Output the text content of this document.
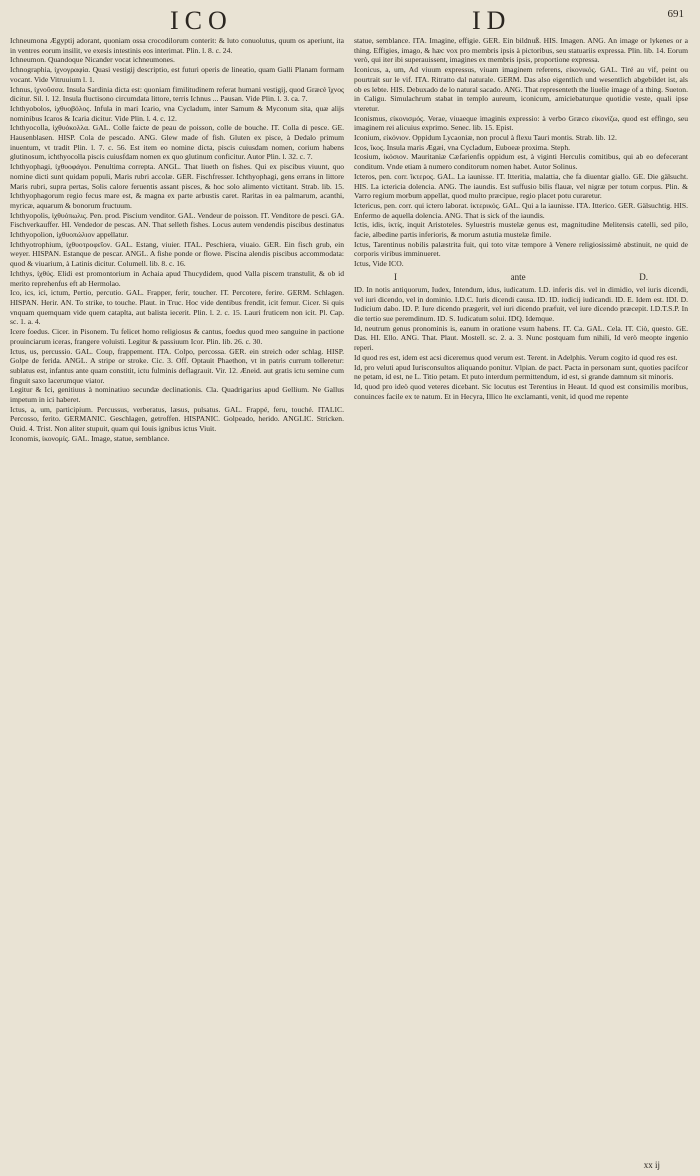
ICO	ID	691

Ichneumona Ægyptij adorant, quoniam ossa crocodilorum conterit: & luto conuolutus, quum os aperiunt, ita in ventres eorum insilit, ve exesis intestinis eos interimat. Plin. l. 8. c. 24.

Ichneumon. Quandoque Nicander vocat ichneumones.

Ichnographia, ἰχνογραφία. Quasi vestigij descriptio, est futuri operis de lineatio, quam Galli Planam formam vocant. Vide Vitruuium l. 1.

Ichnus, ἰχνοῦσσα. Insula Sardinia dicta est: quoniam fimilitudinem referat humani vestigij, quod Græcè ἴχνος dicitur. Sil. l. 12. Insula fluctisono circumdata littore, terris Ichnus ... Pausan. Vide Plin. l. 3. ca. 7.

Ichthyobolos, ἰχθυοβόλος. Infula in mari Icario, vna Cycladum, inter Samum & Myconum sita, quæ alijs nominibus Icaros & Icaria dicitur. Vide Plin. l. 4. c. 12.

Ichthyocolla, ἰχθυόκολλα. GAL. Colle faicte de peau de poisson, colle de bouche. IT. Colla di pesce. GE. Hausenblasen. HISP. Cola de pescado. ANG. Glew made of fish. Gluten ex pisce, à Dedalo primum inuentum, vt tradit Plin. l. 7. c. 56. Est item eo nomine dicta, piscis cuiusdam nomen, corium habens glutinosum, ichthyocolla piscis cuiusfdam nomen ex quo glutinum conficitur. Autor Plin. l. 32. c. 7.

Ichthyophagi, ἰχθυοφάγοι. Penultima correpta. ANGL. That liueth on fishes. Qui ex piscibus viuunt, quo nomine dicti sunt quidam populi, Maris rubri accolæ. GER. Fischfresser. Ichthyophagi, gens errans in littore Maris rubri, supra pertas, Solis calore feruentis assant pisces, & hoc solo alimento victitant. Strab. lib. 15. Ichthyophagorum regio fecus mare est, & magna ex parte arbustis caret. Raritas in ea palmarum, acanthi, myricæ, aquarum & bonorum fructuum.

Ichthyopolis, ἰχθυόπωλις. Pen. prod. Piscium venditor. GAL. Vendeur de poisson. IT. Venditore de pesci. GA. Fischverkauffer. HI. Vendedor de pescas. AN. That selleth fishes. Locus autem vendendis piscibus destinatus Ichthyopolion, ἰχθυοπώλιον appellatur.

Ichthyotrophium, ἰχθυοτροφεῖον. GAL. Estang, viuier. ITAL. Peschiera, viuaio. GER. Ein fisch grub, ein weyer. HISPAN. Estanque de pescar. ANGL. A fishe ponde or flowe. Piscina alendis piscibus accommodata: quod & viuarium, à Latinis dicitur. Columell. lib. 8. c. 16.

Ichthys, ἰχθύς. Elidi est promontorium in Achaia apud Thucydidem, quod Valla piscem transtulit, & ob id merito reprehenfus eft ab Hermolao.

Ico, ics, ici, ictum, Pertio, percutio. GAL. Frapper, ferir, toucher. IT. Percotere, ferire. GERM. Schlagen. HISPAN. Herir. AN. To strike, to touche. Plaut. in Truc. Hoc vide dentibus frendit, icit femur. Cicer. Si quis vnquam quemquam vide quem cataplta, aut balista iecerit. Plin. l. 2. c. 15. Lauri fruticem non icit. Pl. Cap. sc. 1. a. 4.

Icere foedus. Cicer. in Pisonem. Tu felicet homo religiosus & cantus, foedus quod meo sanguine in pactione prouinciarum iceras, frangere voluisti. Legitur & passiuum Icor. Plin. lib. 26. c. 30.

Ictus, us, percussio. GAL. Coup, frappement. ITA. Colpo, percossa. GER. ein streich oder schlag. HISP. Golpe de ferida. ANGL. A stripe or stroke. Cic. 3. Off. Optauit Phaethon, vt in patris currum tolleretur: sublatus est, infantus ante quam constitit, ictu fulminis deflagrauit. Vir. 12. Æneid. aut gratis ictu semine cum finguit saxo lacerumque viator.

Legitur & Ici, genitiuus à nominatiuo secundæ declinationis. Cla. Quadrigarius apud Gellium. Ne Gallus impetum in ici haberet.

Ictus, a, um, participium. Percussus, verberatus, læsus, pulsatus. GAL. Frappé, feru, touché. ITALIC. Percosso, ferito. GERMANIC. Geschlagen, getroffen. HISPANIC. Golpeado, herido. ANGLIC. Stricken. Ouid. 4. Trist. Non aliter stupuit, quam qui Iouis ignibus ictus Viuit.

Iconomis, ἰκονομίς. GAL. Image, statue, semblance.

statue, semblance. ITA. Imagine, effigie. GER. Ein bildnuß. HIS. Imagen. ANG. An image or lykenes or a thing. Effigies, imago, & hæc vox pro membris ipsis à pictoribus, seu statuariis expressa. Plin. lib. 14. Eorum verò, qui iter ibi superauissent, imagines ex membris ipsis, proportione expressa.

Iconicus, a, um, Ad viuum expressus, viuam imaginem referens, εἰκονικός. GAL. Tiré au vif, peint ou pourtrait sur le vif. ITA. Ritratto dal naturale. GERM. Das also eigentlich und wesentlich abgebildet ist, als ob es lebte. HIS. Debuxado de lo natural sacado. ANG. That representeth the liuelie image of a thing. Sueton. in Caligu. Simulachrum stabat in templo aureum, iconicum, amiciebaturque quotidie veste, quali ipse vteretur.

Iconismus, εἰκονισμός. Verae, viuaeque imaginis expressio: à verbo Græco εἰκονίζω, quod est effingo, seu imaginem rei alicuius exprimo. Senec. lib. 15. Epist.

Iconium, εἰκόνιον. Oppidum Lycaoniæ, non procul à flexu Tauri montis. Strab. lib. 12.

Icos, ἴκος. Insula maris Ægæi, vna Cycladum, Euboeæ proxima. Steph.

Icosium, ἰκόσιον. Mauritaniæ Cæfarienfis oppidum est, à viginti Herculis comitibus, qui ab eo defecerant conditum. Vnde etiam à numero conditorum nomen habet. Autor Solinus.

Icteros, pen. corr. ἴκτερος. GAL. La iaunisse. IT. Itteritia, malattia, che fa diuentar giallo. GE. Die gälsucht. HIS. La ictericia dolencia. ANG. The iaundis. Est suffusio bilis flauæ, vel nigræ per totum corpus. Plin. & Varro regium morbum appellat, quod multo præcipue, regio placet potu curaretur.

Ictericus, pen. corr. qui ictero laborat. ἰκτερικός. GAL. Qui a la iaunisse. ITA. Itterico. GER. Gälsuchtig. HIS. Enfermo de aquella dolencia. ANG. That is sick of the iaundis.

Ictis, idis, ἰκτίς, inquit Aristoteles. Syluestris mustelæ genus est, magnitudine Melitensis catelli, sed pilo, facie, albedine partis inferioris, & morum astutia mustelæ fimile.

Ictus, Tarentinus nobilis palæstrita fuit, qui toto vitæ tempore à Venere religiosissimè abstinuit, ne quid de corporis viribus imminueret.

Ictus, Vide ICO.

I	ante	D.

ID. In notis antiquorum, Iudex, Intendum, idus, iudicatum. I.D. inferis dis. vel in dimidio, vel iuris dicendi, vel iuri dicendo, vel in dominio. I.D.C. Iuris dicendi causa. ID. ID. iudicij iudicandi. ID. E. Idem est. IDI. D. Iudicium dabo. ID. P. Iure dicendo prægerit, vel iuri dicendo præfuit, vel iure dicendo præcepit. I.D.T.S.P. In die tertio sue peremdinum. ID. S. Iudicatum solui. IDQ. Idemque.

Id, neutrum genus pronominis is, eanum in oratione vsum habens. IT. Ca. GAL. Cela. IT. Ciò, questo. GE. Das. HI. Ello. ANG. That. Plaut. Mostell. sc. 2. a. 3. Nunc postquam fum nihili, Id verò meopte ingenio reperi.

Id quod res est, idem est acsi diceremus quod verum est. Terent. in Adelphis. Verum cogito id quod res est.

Id, pro veluti apud Iurisconsultos aliquando ponitur. Vlpian. de pact. Pacta in personam sunt, quoties pacifcor ne petam, id est, ne L. Titio petam. Et puto interdum permittendum, id est, si grande damnum sit minoris.

Id, quod pro ideò quod veteres dicebant. Sic locutus est Terentius in Heaut. Id quod est consimilis moribus, conuinces facile ex te natum. Et in Hecyra, Illico lte exclamanti, venit, id quod me repente

xx ij
